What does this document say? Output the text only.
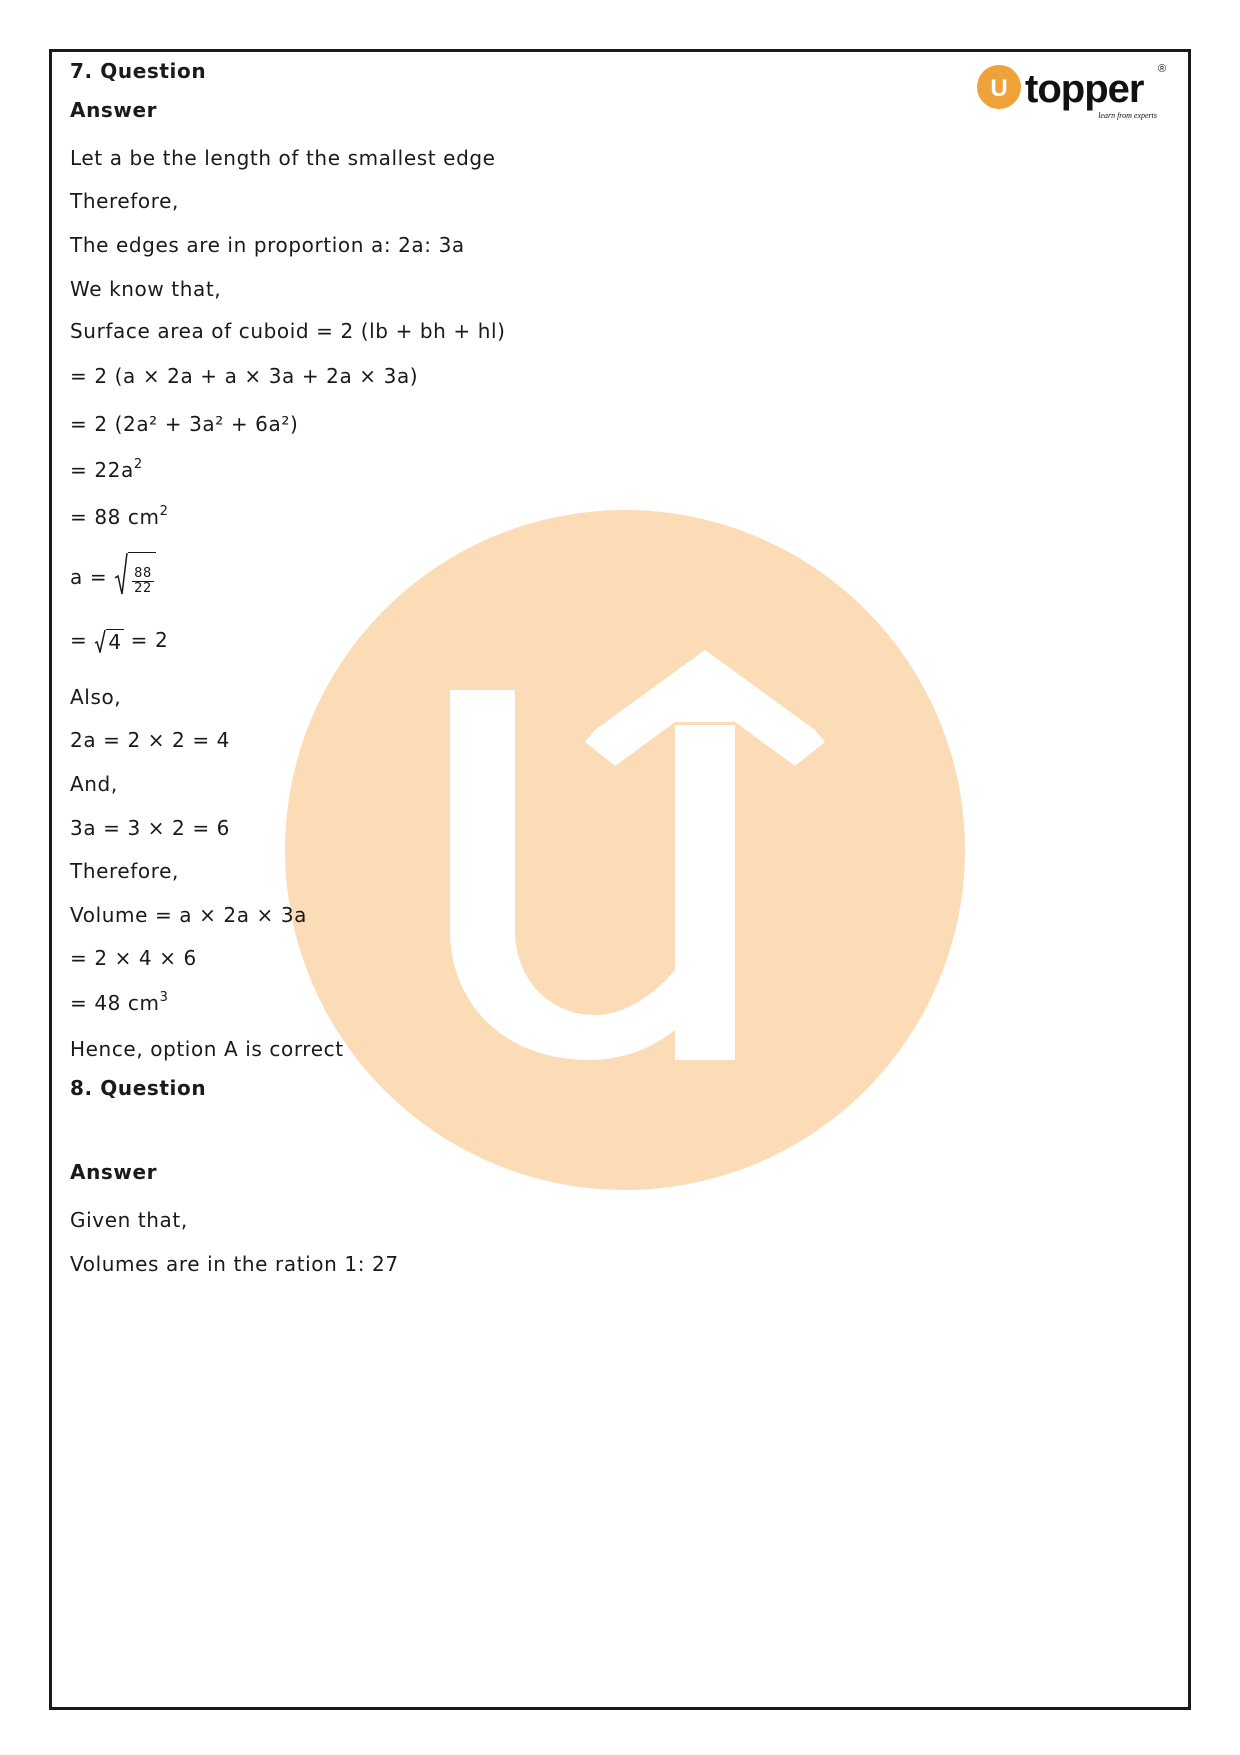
U topper ®
learn from experts
7. Question
Answer
Let a be the length of the smallest edge
Therefore,
The edges are in proportion a: 2a: 3a
We know that,
Surface area of cuboid = 2 (lb + bh + hl)
= 2 (a × 2a + a × 3a + 2a × 3a)
= 2 (2a² + 3a² + 6a²)
= $22a^2$
= 88 $cm^2$
$a = \frac{88}{22}$
= 4 = 2
Also,
2a = 2 × 2 = 4
And,
3a = 3 × 2 = 6
Therefore,
Volume = a × 2a × 3a
= 2 × 4 × 6
= 48 $cm^3$
Hence, option A is correct
8. Question
Answer
Given that,
Volumes are in the ration 1: 27
